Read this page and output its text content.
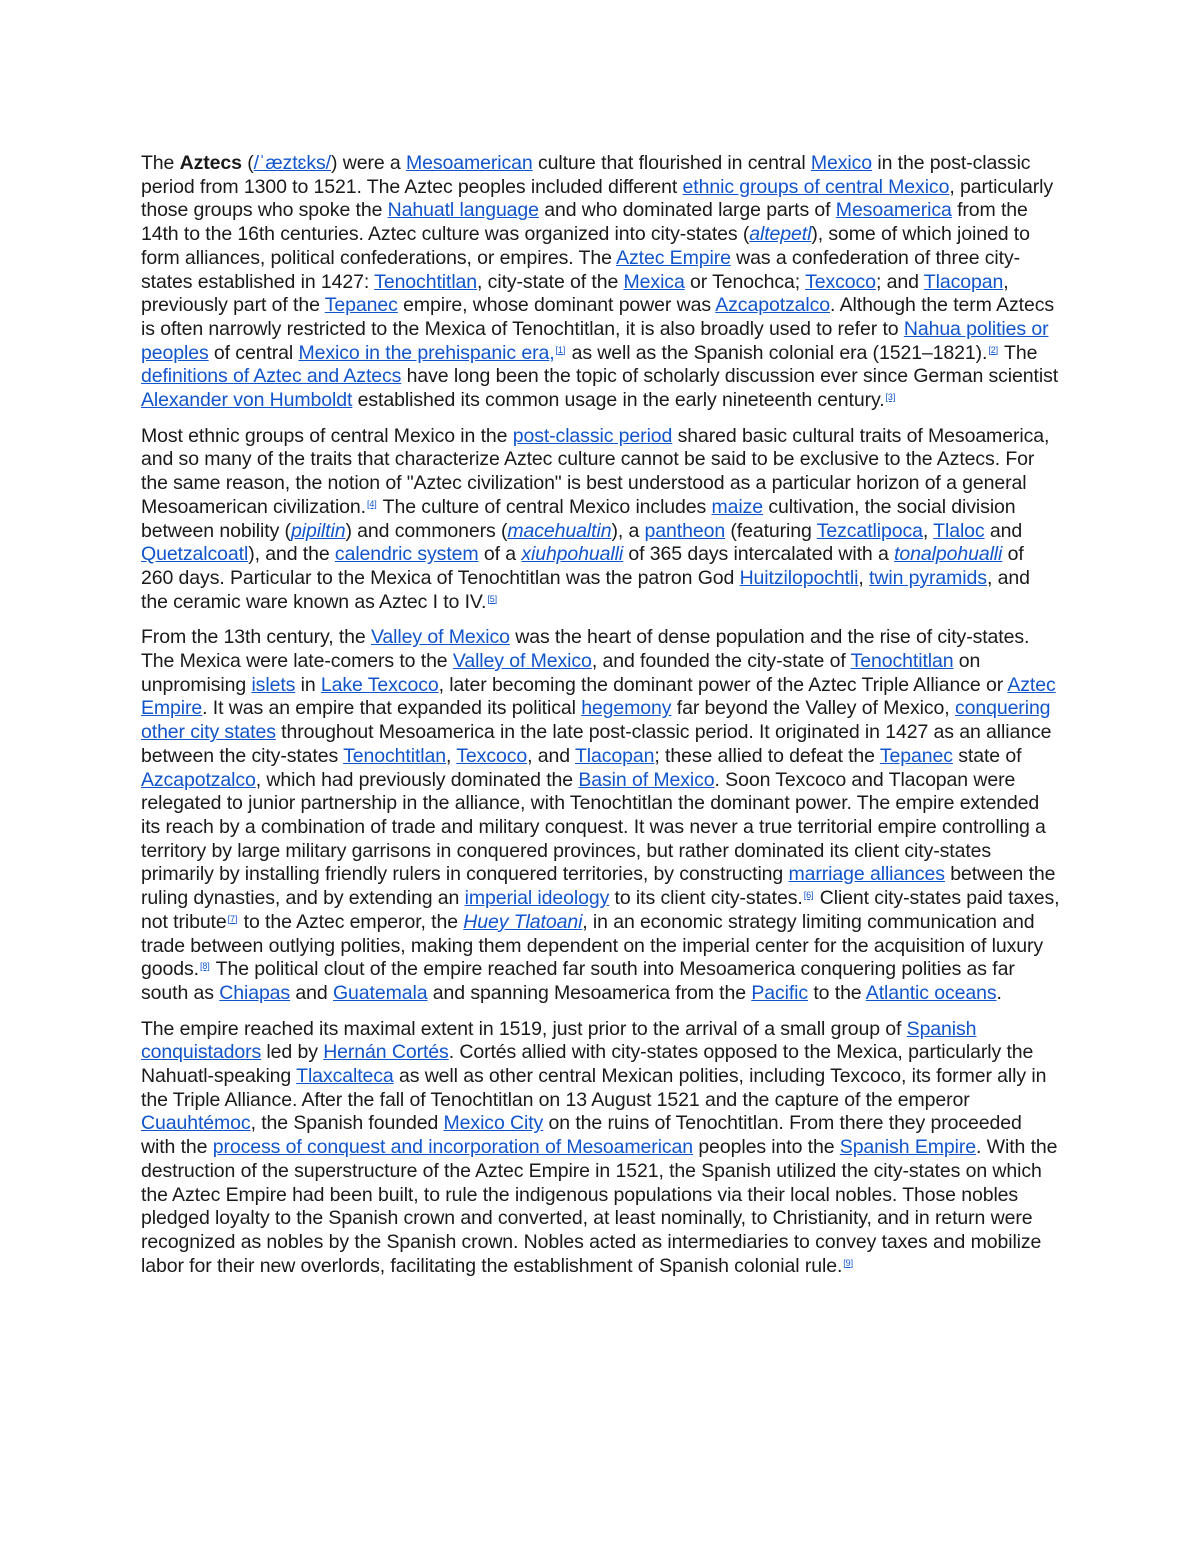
The Aztecs (/ˈæztɛks/) were a Mesoamerican culture that flourished in central Mexico in the post-classic period from 1300 to 1521. The Aztec peoples included different ethnic groups of central Mexico, particularly those groups who spoke the Nahuatl language and who dominated large parts of Mesoamerica from the 14th to the 16th centuries. Aztec culture was organized into city-states (altepetl), some of which joined to form alliances, political confederations, or empires. The Aztec Empire was a confederation of three city-states established in 1427: Tenochtitlan, city-state of the Mexica or Tenochca; Texcoco; and Tlacopan, previously part of the Tepanec empire, whose dominant power was Azcapotzalco. Although the term Aztecs is often narrowly restricted to the Mexica of Tenochtitlan, it is also broadly used to refer to Nahua polities or peoples of central Mexico in the prehispanic era,[1] as well as the Spanish colonial era (1521–1821).[2] The definitions of Aztec and Aztecs have long been the topic of scholarly discussion ever since German scientist Alexander von Humboldt established its common usage in the early nineteenth century.[3]

Most ethnic groups of central Mexico in the post-classic period shared basic cultural traits of Mesoamerica, and so many of the traits that characterize Aztec culture cannot be said to be exclusive to the Aztecs. For the same reason, the notion of "Aztec civilization" is best understood as a particular horizon of a general Mesoamerican civilization.[4] The culture of central Mexico includes maize cultivation, the social division between nobility (pipiltin) and commoners (macehualtin), a pantheon (featuring Tezcatlipoca, Tlaloc and Quetzalcoatl), and the calendric system of a xiuhpohualli of 365 days intercalated with a tonalpohualli of 260 days. Particular to the Mexica of Tenochtitlan was the patron God Huitzilopochtli, twin pyramids, and the ceramic ware known as Aztec I to IV.[5]

From the 13th century, the Valley of Mexico was the heart of dense population and the rise of city-states. The Mexica were late-comers to the Valley of Mexico, and founded the city-state of Tenochtitlan on unpromising islets in Lake Texcoco, later becoming the dominant power of the Aztec Triple Alliance or Aztec Empire. It was an empire that expanded its political hegemony far beyond the Valley of Mexico, conquering other city states throughout Mesoamerica in the late post-classic period. It originated in 1427 as an alliance between the city-states Tenochtitlan, Texcoco, and Tlacopan; these allied to defeat the Tepanec state of Azcapotzalco, which had previously dominated the Basin of Mexico. Soon Texcoco and Tlacopan were relegated to junior partnership in the alliance, with Tenochtitlan the dominant power. The empire extended its reach by a combination of trade and military conquest. It was never a true territorial empire controlling a territory by large military garrisons in conquered provinces, but rather dominated its client city-states primarily by installing friendly rulers in conquered territories, by constructing marriage alliances between the ruling dynasties, and by extending an imperial ideology to its client city-states.[6] Client city-states paid taxes, not tribute[7] to the Aztec emperor, the Huey Tlatoani, in an economic strategy limiting communication and trade between outlying polities, making them dependent on the imperial center for the acquisition of luxury goods.[8] The political clout of the empire reached far south into Mesoamerica conquering polities as far south as Chiapas and Guatemala and spanning Mesoamerica from the Pacific to the Atlantic oceans.

The empire reached its maximal extent in 1519, just prior to the arrival of a small group of Spanish conquistadors led by Hernán Cortés. Cortés allied with city-states opposed to the Mexica, particularly the Nahuatl-speaking Tlaxcalteca as well as other central Mexican polities, including Texcoco, its former ally in the Triple Alliance. After the fall of Tenochtitlan on 13 August 1521 and the capture of the emperor Cuauhtémoc, the Spanish founded Mexico City on the ruins of Tenochtitlan. From there they proceeded with the process of conquest and incorporation of Mesoamerican peoples into the Spanish Empire. With the destruction of the superstructure of the Aztec Empire in 1521, the Spanish utilized the city-states on which the Aztec Empire had been built, to rule the indigenous populations via their local nobles. Those nobles pledged loyalty to the Spanish crown and converted, at least nominally, to Christianity, and in return were recognized as nobles by the Spanish crown. Nobles acted as intermediaries to convey taxes and mobilize labor for their new overlords, facilitating the establishment of Spanish colonial rule.[9]
